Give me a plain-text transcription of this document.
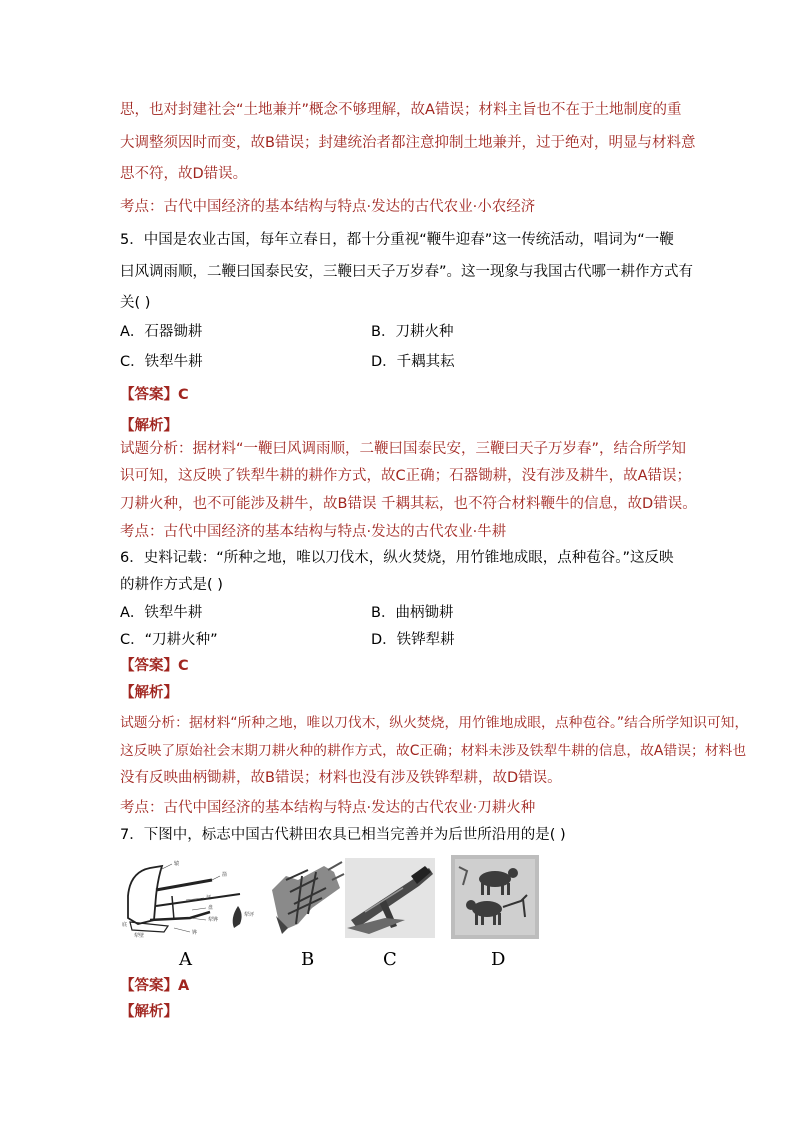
思，也对封建社会“土地兼并”概念不够理解，故A错误；材料主旨也不在于土地制度的重
大调整须因时而变，故B错误；封建统治者都注意抑制土地兼并，过于绝对，明显与材料意
思不符，故D错误。
考点：古代中国经济的基本结构与特点·发达的古代农业·小农经济
5．中国是农业古国，每年立春日，都十分重视“鞭牛迎春”这一传统活动，唱词为“一鞭
曰风调雨顺，二鞭曰国泰民安，三鞭曰天子万岁春”。这一现象与我国古代哪一耕作方式有
关( )
A．石器锄耕	B．刀耕火种
C．铁犁牛耕	D．千耦其耘
【答案】C
【解析】
试题分析：据材料“一鞭曰风调雨顺，二鞭曰国泰民安，三鞭曰天子万岁春”，结合所学知
识可知，这反映了铁犁牛耕的耕作方式，故C正确；石器锄耕，没有涉及耕牛，故A错误；
刀耕火种，也不可能涉及耕牛，故B错误 千耦其耘，也不符合材料鞭牛的信息，故D错误。
考点：古代中国经济的基本结构与特点·发达的古代农业·牛耕
6．史料记载：“所种之地，唯以刀伐木，纵火焚烧，用竹锥地成眼，点种苞谷。”这反映
的耕作方式是( )
A．铁犁牛耕	B．曲柄锄耕
C．“刀耕火种”	D．铁铧犁耕
【答案】C
【解析】
试题分析：据材料“所种之地，唯以刀伐木，纵火焚烧，用竹锥地成眼，点种苞谷。”结合所学知识可知，
这反映了原始社会末期刀耕火种的耕作方式，故C正确；材料未涉及铁犁牛耕的信息，故A错误；材料也
没有反映曲柄锄耕，故B错误；材料也没有涉及铁铧犁耕，故D错误。
考点：古代中国经济的基本结构与特点·发达的古代农业·刀耕火种
7．下图中，标志中国古代耕田农具已相当完善并为后世所沿用的是( )
辕
箭
評
盘
犁铧
铧
底
犁壁
犁评
A	B	C	D
【答案】A
【解析】
